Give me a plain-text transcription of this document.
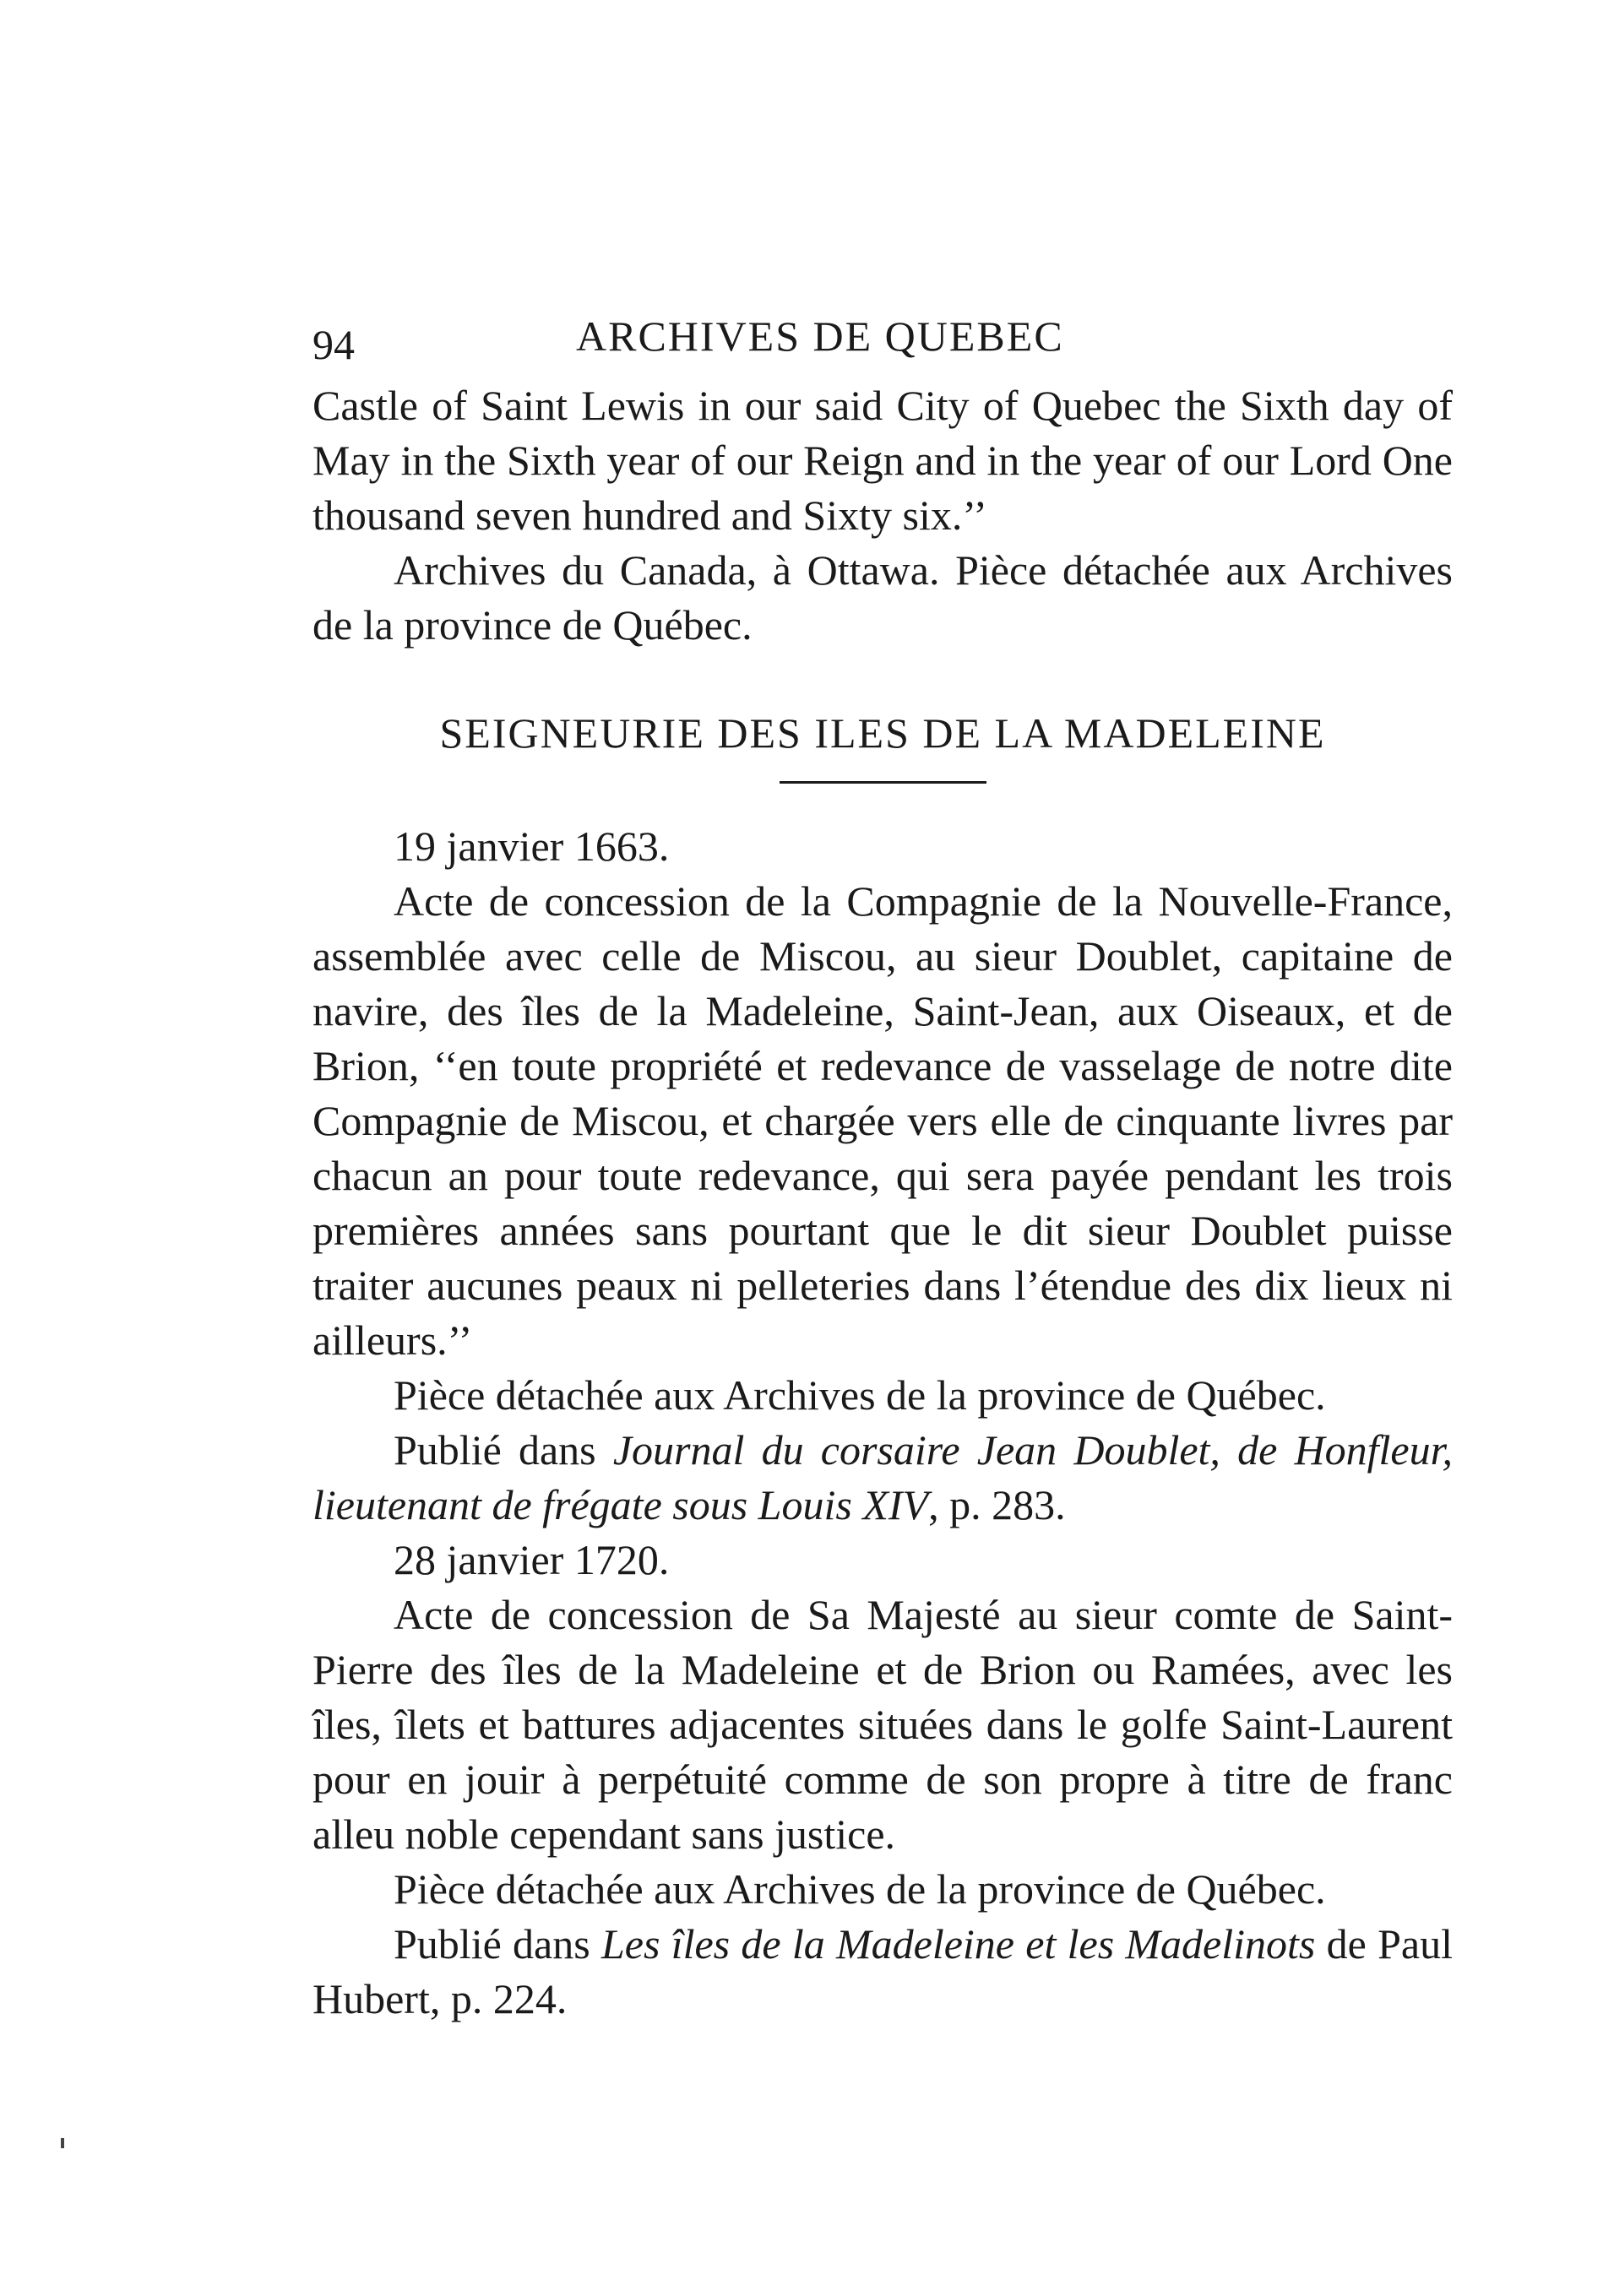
94	ARCHIVES DE QUEBEC

Castle of Saint Lewis in our said City of Quebec the Sixth day of May in the Sixth year of our Reign and in the year of our Lord One thousand seven hundred and Sixty six.’’

Archives du Canada, à Ottawa. Pièce détachée aux Archives de la province de Québec.

SEIGNEURIE DES ILES DE LA MADELEINE

19 janvier 1663.

Acte de concession de la Compagnie de la Nouvelle-France, assemblée avec celle de Miscou, au sieur Doublet, capitaine de navire, des îles de la Madeleine, Saint-Jean, aux Oiseaux, et de Brion, ‘‘en toute propriété et redevance de vasselage de notre dite Compagnie de Miscou, et chargée vers elle de cinquante livres par chacun an pour toute redevance, qui sera payée pendant les trois premières années sans pourtant que le dit sieur Doublet puisse traiter aucunes peaux ni pelleteries dans l’étendue des dix lieux ni ailleurs.’’

Pièce détachée aux Archives de la province de Québec.

Publié dans Journal du corsaire Jean Doublet, de Honfleur, lieutenant de frégate sous Louis XIV, p. 283.

28 janvier 1720.

Acte de concession de Sa Majesté au sieur comte de Saint-Pierre des îles de la Madeleine et de Brion ou Ramées, avec les îles, îlets et battures adjacentes situées dans le golfe Saint-Laurent pour en jouir à perpétuité comme de son propre à titre de franc alleu noble cependant sans justice.

Pièce détachée aux Archives de la province de Québec.

Publié dans Les îles de la Madeleine et les Madelinots de Paul Hubert, p. 224.
